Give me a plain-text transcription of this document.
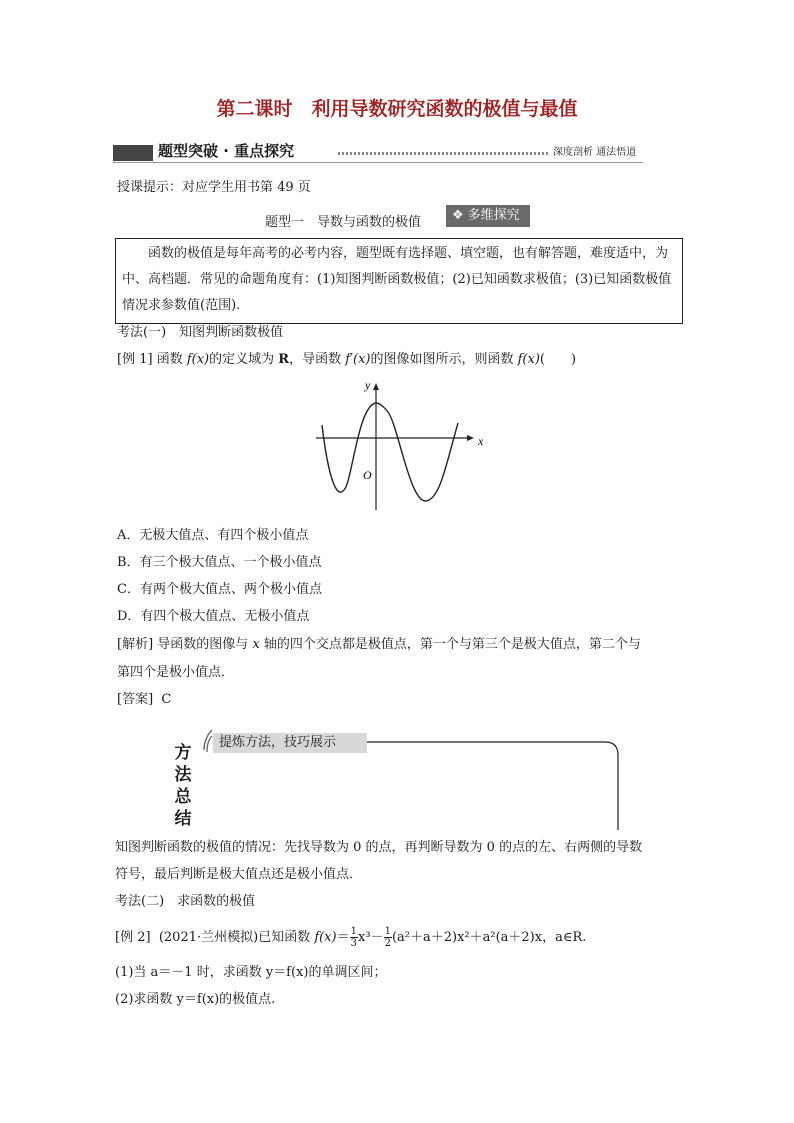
第二课时　利用导数研究函数的极值与最值
题型突破 · 重点探究	深度剖析 通法悟道
授课提示：对应学生用书第 49 页
题型一　导数与函数的极值	❖ 多维探究
函数的极值是每年高考的必考内容，题型既有选择题、填空题，也有解答题，难度适中，为中、高档题．常见的命题角度有：(1)知图判断函数极值；(2)已知函数求极值；(3)已知函数极值情况求参数值(范围).
考法(一)　知图判断函数极值
[例 1] 函数 f(x)的定义域为 R，导函数 f′(x)的图像如图所示，则函数 f(x)(　　)
x
y
O
A．无极大值点、有四个极小值点
B．有三个极大值点、一个极小值点
C．有两个极大值点、两个极小值点
D．有四个极大值点、无极小值点
[解析] 导函数的图像与 x 轴的四个交点都是极值点，第一个与第三个是极大值点，第二个与
第四个是极小值点．
[答案] C
提炼方法，技巧展示
方
法
总
结
知图判断函数的极值的情况：先找导数为 0 的点，再判断导数为 0 的点的左、右两侧的导数
符号，最后判断是极大值点还是极小值点．
考法(二)　求函数的极值
[例 2] (2021·兰州模拟)已知函数 $f(x)= \frac{1}{3} x^3- \frac{1}{2} (a^2+a+2)x^2+a^2(a+2)x$，a∈R.
(1)当 a＝－1 时，求函数 y＝f(x)的单调区间；
(2)求函数 y＝f(x)的极值点.
